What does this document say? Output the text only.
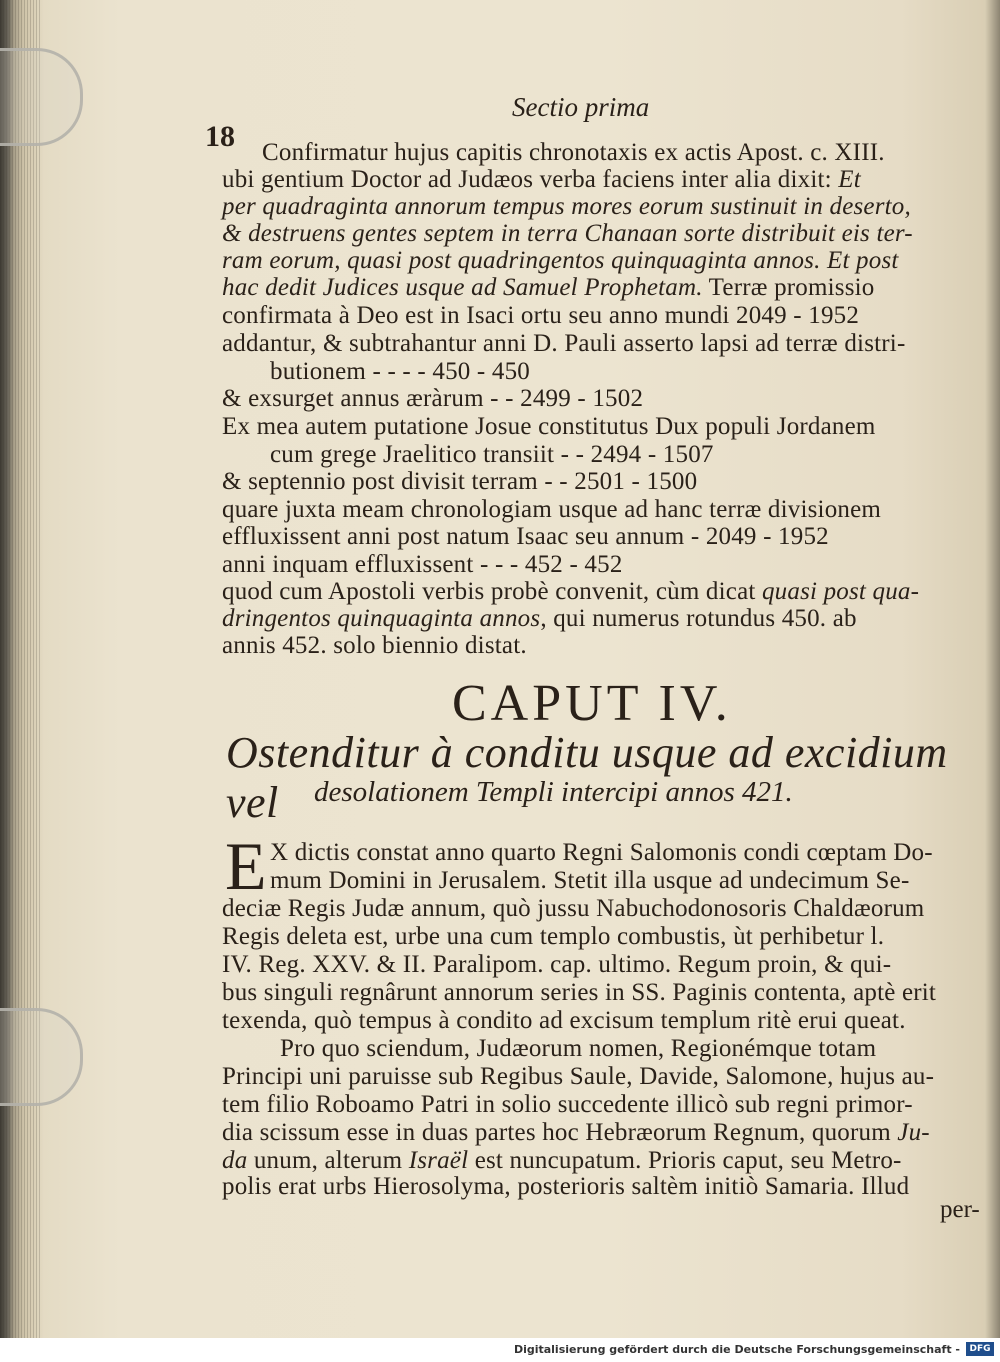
18
Sectio prima

Confirmatur hujus capitis chronotaxis ex actis Apost. c. XIII.

ubi gentium Doctor ad Judæos verba faciens inter alia dixit: Et

per quadraginta annorum tempus mores eorum sustinuit in deserto,

& destruens gentes septem in terra Chanaan sorte distribuit eis ter-

ram eorum, quasi post quadringentos quinquaginta annos. Et post

hac dedit Judices usque ad Samuel Prophetam. Terræ promissio

confirmata à Deo est in Isaci ortu seu anno mundi 2049 - 1952

addantur, & subtrahantur anni D. Pauli asserto lapsi ad terræ distri-

butionem - - - - 450 - 450

& exsurget annus æràrum - - 2499 - 1502

Ex mea autem putatione Josue constitutus Dux populi Jordanem

cum grege Jraelitico transiit - - 2494 - 1507

& septennio post divisit terram - - 2501 - 1500

quare juxta meam chronologiam usque ad hanc terræ divisionem

effluxissent anni post natum Isaac seu annum - 2049 - 1952

anni inquam effluxissent - - - 452 - 452

quod cum Apostoli verbis probè convenit, cùm dicat quasi post qua-

dringentos quinquaginta annos, qui numerus rotundus 450. ab

annis 452. solo biennio distat.

CAPUT IV.
Ostenditur à conditu usque ad excidium vel	desolationem Templi intercipi annos 421.
E X dictis constat anno quarto Regni Salomonis condi cœptam Do-

mum Domini in Jerusalem. Stetit illa usque ad undecimum Se-

deciæ Regis Judæ annum, quò jussu Nabuchodonosoris Chaldæorum

Regis deleta est, urbe una cum templo combustis, ùt perhibetur l.

IV. Reg. XXV. & II. Paralipom. cap. ultimo. Regum proin, & qui-

bus singuli regnârunt annorum series in SS. Paginis contenta, aptè erit

texenda, quò tempus à condito ad excisum templum ritè erui queat.

Pro quo sciendum, Judæorum nomen, Regionémque totam

Principi uni paruisse sub Regibus Saule, Davide, Salomone, hujus au-

tem filio Roboamo Patri in solio succedente illicò sub regni primor-

dia scissum esse in duas partes hoc Hebræorum Regnum, quorum Ju-

da unum, alterum Israël est nuncupatum. Prioris caput, seu Metro-

polis erat urbs Hierosolyma, posterioris saltèm initiò Samaria. Illud

per-
Digitalisierung gefördert durch die Deutsche Forschungsgemeinschaft -	DFG
